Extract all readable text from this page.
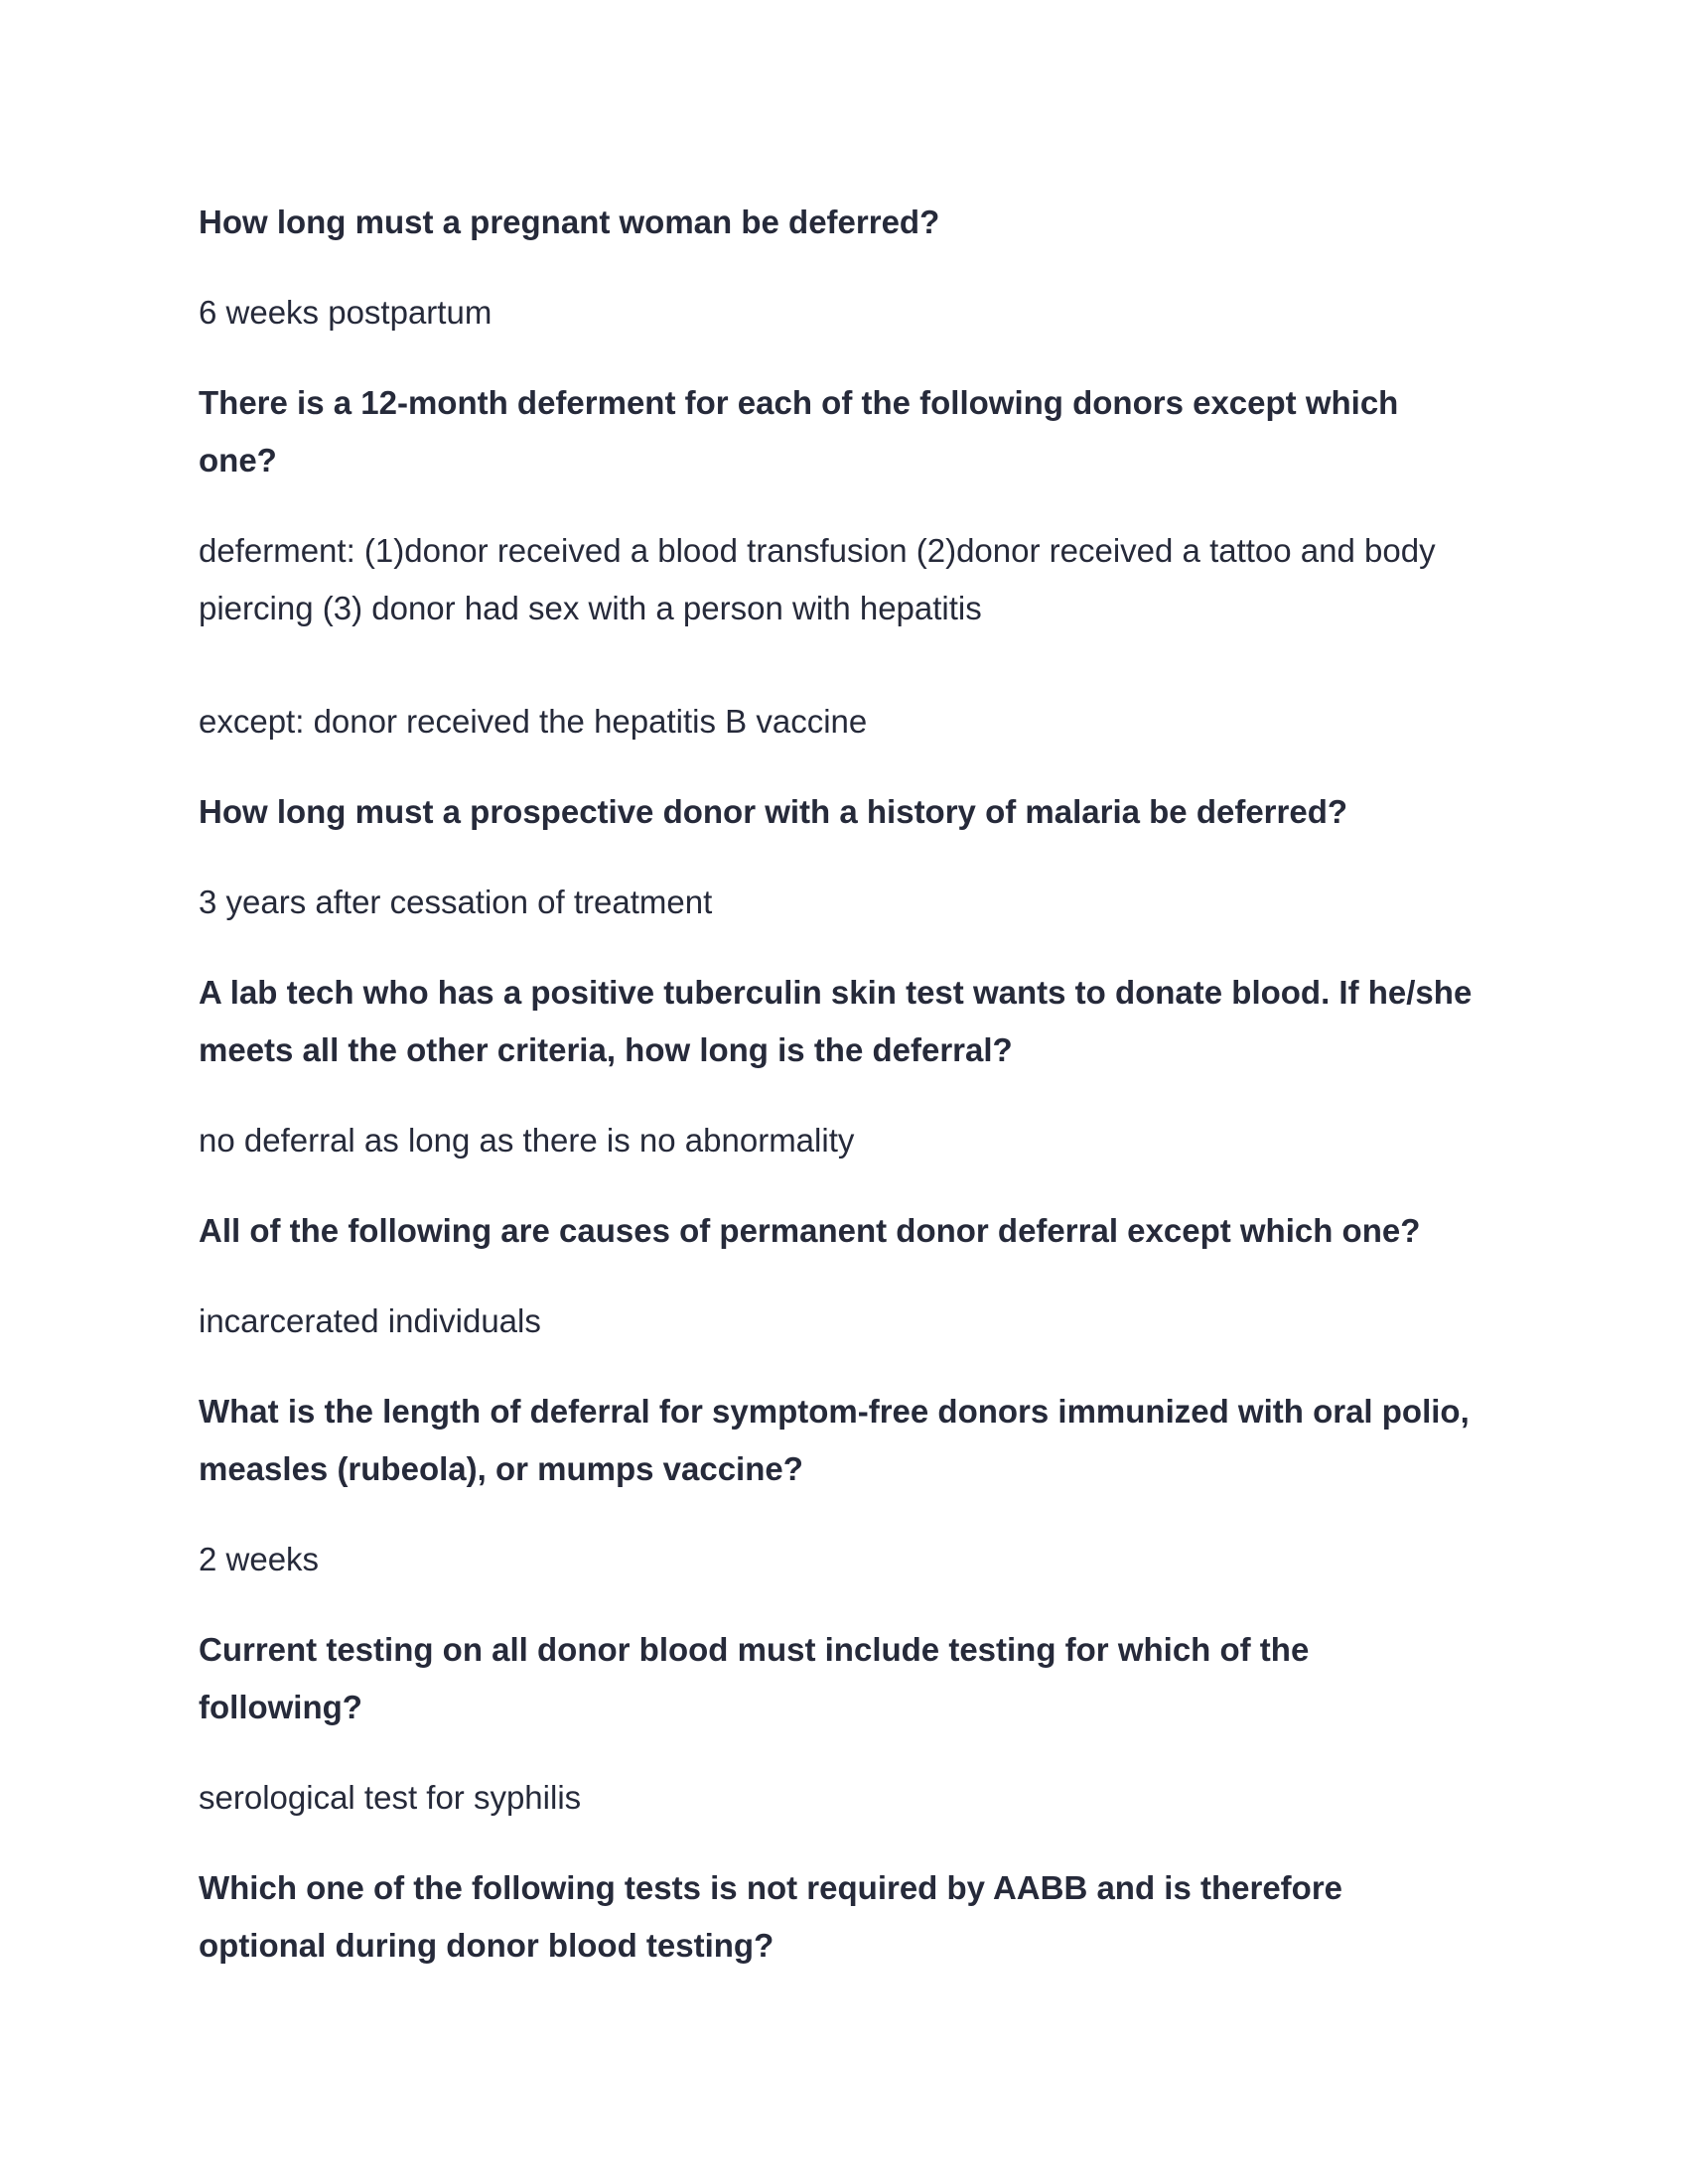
How long must a pregnant woman be deferred?
6 weeks postpartum
There is a 12-month deferment for each of the following donors except which one?
deferment: (1)donor received a blood transfusion (2)donor received a tattoo and body piercing (3) donor had sex with a person with hepatitis
except: donor received the hepatitis B vaccine
How long must a prospective donor with a history of malaria be deferred?
3 years after cessation of treatment
A lab tech who has a positive tuberculin skin test wants to donate blood. If he/she meets all the other criteria, how long is the deferral?
no deferral as long as there is no abnormality
All of the following are causes of permanent donor deferral except which one?
incarcerated individuals
What is the length of deferral for symptom-free donors immunized with oral polio, measles (rubeola), or mumps vaccine?
2 weeks
Current testing on all donor blood must include testing for which of the following?
serological test for syphilis
Which one of the following tests is not required by AABB and is therefore optional during donor blood testing?
